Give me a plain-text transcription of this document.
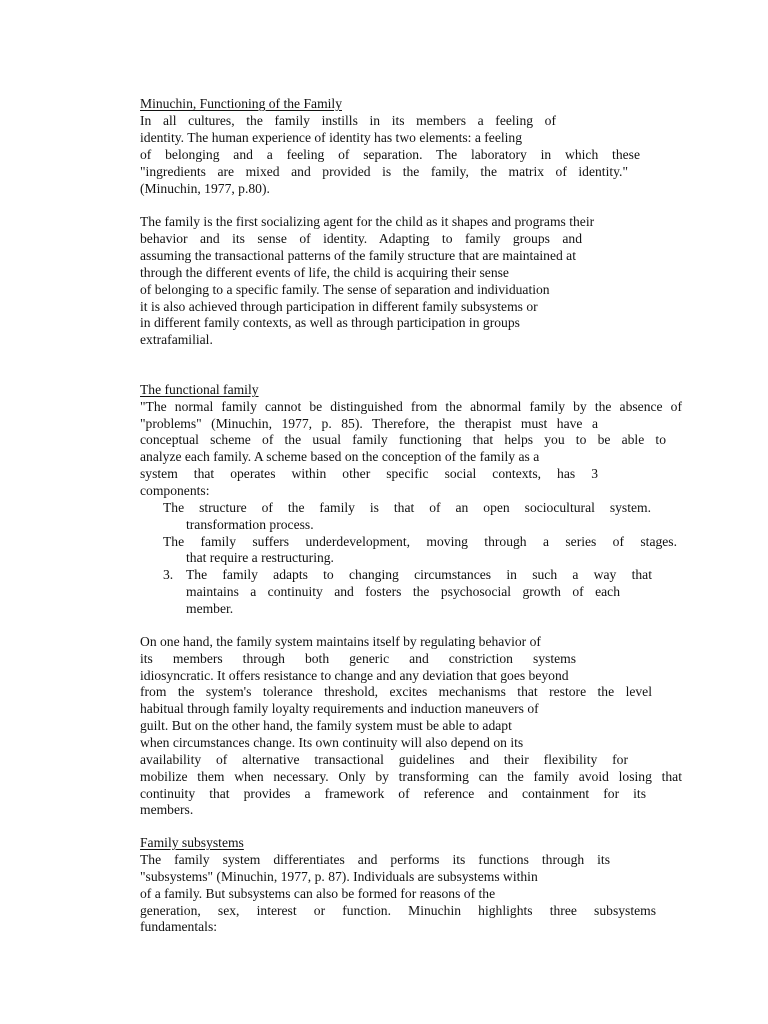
Minuchin, Functioning of the Family
In all cultures, the family instills in its members a feeling of
identity. The human experience of identity has two elements: a feeling
of belonging and a feeling of separation. The laboratory in which these
"ingredients are mixed and provided is the family, the matrix of identity."
(Minuchin, 1977, p.80).
The family is the first socializing agent for the child as it shapes and programs their
behavior and its sense of identity. Adapting to family groups and
assuming the transactional patterns of the family structure that are maintained at
through the different events of life, the child is acquiring their sense
of belonging to a specific family. The sense of separation and individuation
it is also achieved through participation in different family subsystems or
in different family contexts, as well as through participation in groups
extrafamilial.
The functional family
"The normal family cannot be distinguished from the abnormal family by the absence of
"problems" (Minuchin, 1977, p. 85). Therefore, the therapist must have a
conceptual scheme of the usual family functioning that helps you to be able to
analyze each family. A scheme based on the conception of the family as a
system that operates within other specific social contexts, has 3
components:
The structure of the family is that of an open sociocultural system.
transformation process.
The family suffers underdevelopment, moving through a series of stages.
that require a restructuring.
3. The family adapts to changing circumstances in such a way that
maintains a continuity and fosters the psychosocial growth of each
member.
On one hand, the family system maintains itself by regulating behavior of
its members through both generic and constriction systems
idiosyncratic. It offers resistance to change and any deviation that goes beyond
from the system's tolerance threshold, excites mechanisms that restore the level
habitual through family loyalty requirements and induction maneuvers of
guilt. But on the other hand, the family system must be able to adapt
when circumstances change. Its own continuity will also depend on its
availability of alternative transactional guidelines and their flexibility for
mobilize them when necessary. Only by transforming can the family avoid losing that
continuity that provides a framework of reference and containment for its
members.
Family subsystems
The family system differentiates and performs its functions through its
"subsystems" (Minuchin, 1977, p. 87). Individuals are subsystems within
of a family. But subsystems can also be formed for reasons of the
generation, sex, interest or function. Minuchin highlights three subsystems
fundamentals:
